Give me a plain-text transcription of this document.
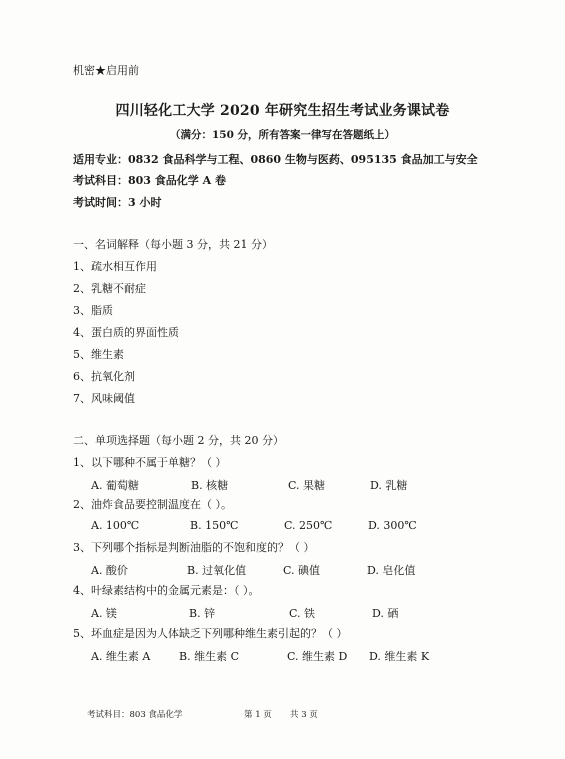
机密★启用前
四川轻化工大学 2020 年研究生招生考试业务课试卷
（满分：150 分，所有答案一律写在答题纸上）
适用专业：0832 食品科学与工程、0860 生物与医药、095135 食品加工与安全
考试科目：803 食品化学 A 卷
考试时间：3 小时
一、名词解释（每小题 3 分，共 21 分）
1、疏水相互作用
2、乳糖不耐症
3、脂质
4、蛋白质的界面性质
5、维生素
6、抗氧化剂
7、风味阈值
二、单项选择题（每小题 2 分，共 20 分）
1、以下哪种不属于单糖？（ ）
A. 葡萄糖	B. 核糖	C. 果糖	D. 乳糖
2、油炸食品要控制温度在（ ）。
A. 100℃	B. 150℃	C. 250℃	D. 300℃
3、下列哪个指标是判断油脂的不饱和度的？（ ）
A. 酸价	B. 过氧化值	C. 碘值	D. 皂化值
4、叶绿素结构中的金属元素是：（ ）。
A. 镁	B. 锌	C. 铁	D. 硒
5、坏血症是因为人体缺乏下列哪种维生素引起的？（ ）
A. 维生素 A	B. 维生素 C	C. 维生素 D D. 维生素 K
考试科目：803 食品化学	第 1 页 共 3 页
